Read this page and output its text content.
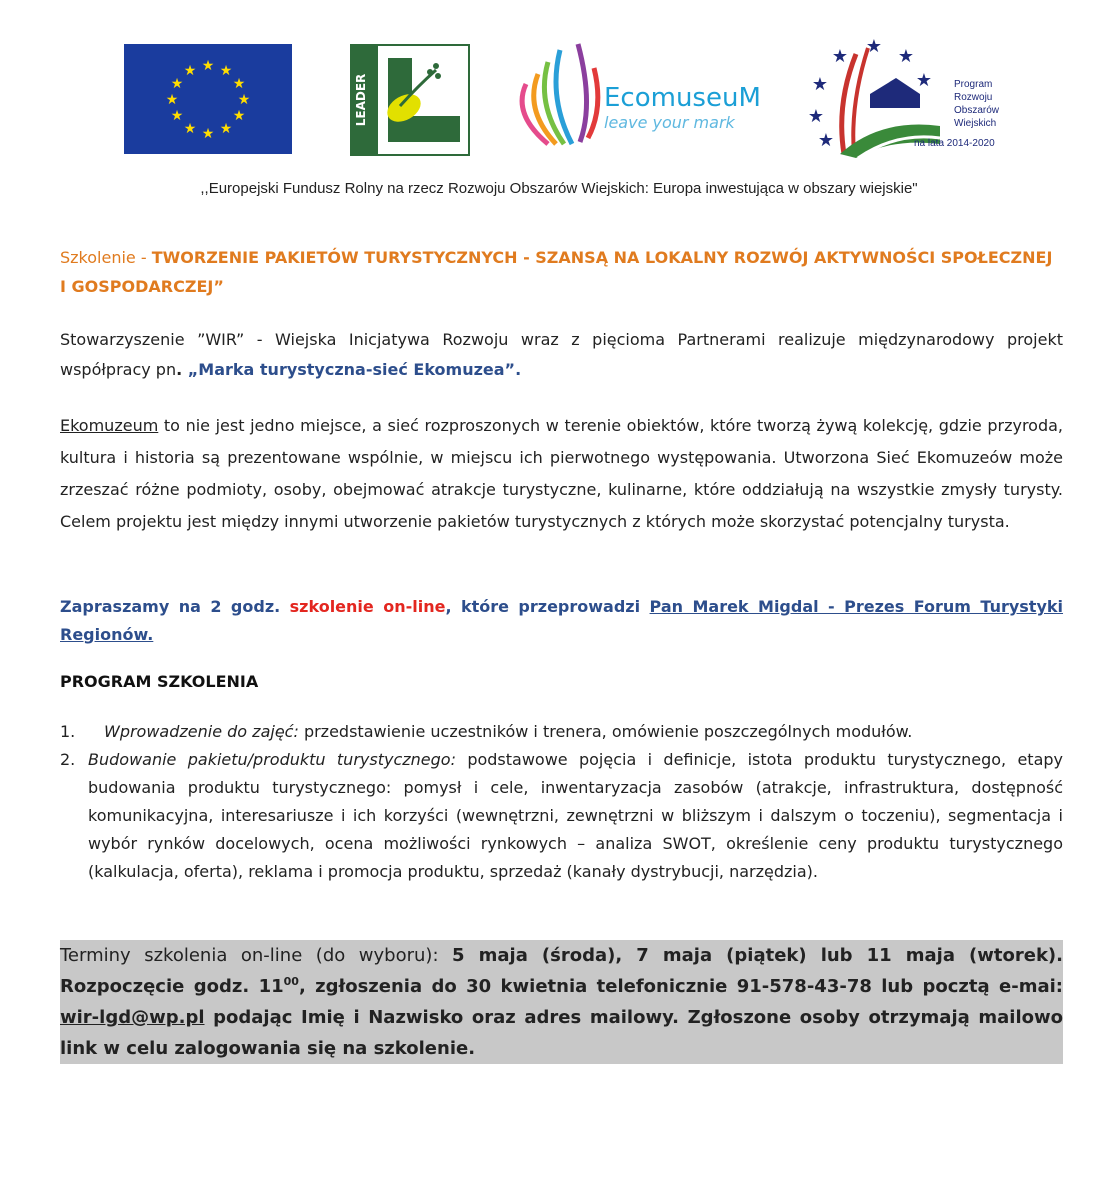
★ ★
★
★
★
★
★
★
★
★
★
★
LEADER	EcomuseuM
leave your mark
★ ★ ★
★
★
★
★ Program
Rozwoju
Obszarów
Wiejskich
na lata 2014-2020
,,Europejski Fundusz Rolny na rzecz Rozwoju Obszarów Wiejskich: Europa inwestująca w obszary wiejskie"
Szkolenie - TWORZENIE PAKIETÓW TURYSTYCZNYCH - SZANSĄ NA LOKALNY ROZWÓJ AKTYWNOŚCI SPOŁECZNEJ I GOSPODARCZEJ”
Stowarzyszenie ”WIR” - Wiejska Inicjatywa Rozwoju wraz z pięcioma Partnerami realizuje międzynarodowy projekt współpracy pn. „Marka turystyczna-sieć Ekomuzea”.
Ekomuzeum to nie jest jedno miejsce, a sieć rozproszonych w terenie obiektów, które tworzą żywą kolekcję, gdzie przyroda, kultura i historia są prezentowane wspólnie, w miejscu ich pierwotnego występowania. Utworzona Sieć Ekomuzeów może zrzeszać różne podmioty, osoby, obejmować atrakcje turystyczne, kulinarne, które oddziałują na wszystkie zmysły turysty. Celem projektu jest między innymi utworzenie pakietów turystycznych z których może skorzystać potencjalny turysta.
Zapraszamy na 2 godz. szkolenie on-line, które przeprowadzi Pan Marek Migdal - Prezes Forum Turystyki Regionów.
PROGRAM SZKOLENIA
1. Wprowadzenie do zajęć: przedstawienie uczestników i trenera, omówienie poszczególnych modułów.
2. Budowanie pakietu/produktu turystycznego: podstawowe pojęcia i definicje, istota produktu turystycznego, etapy budowania produktu turystycznego: pomysł i cele, inwentaryzacja zasobów (atrakcje, infrastruktura, dostępność komunikacyjna, interesariusze i ich korzyści (wewnętrzni, zewnętrzni w bliższym i dalszym o toczeniu), segmentacja i wybór rynków docelowych, ocena możliwości rynkowych – analiza SWOT, określenie ceny produktu turystycznego (kalkulacja, oferta), reklama i promocja produktu, sprzedaż (kanały dystrybucji, narzędzia).
Terminy szkolenia on-line (do wyboru): 5 maja (środa), 7 maja (piątek) lub 11 maja (wtorek). Rozpoczęcie godz. $11^{00}$, zgłoszenia do 30 kwietnia telefonicznie 91-578-43-78 lub pocztą e-mai: wir-lgd@wp.pl podając Imię i Nazwisko oraz adres mailowy. Zgłoszone osoby otrzymają mailowo link w celu zalogowania się na szkolenie.
